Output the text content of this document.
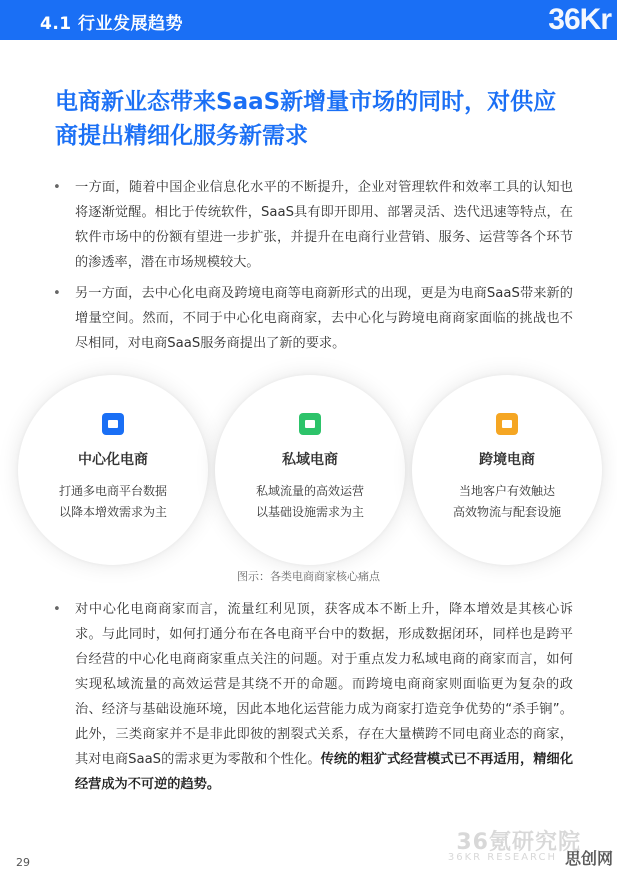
4.1 行业发展趋势	36Kr
电商新业态带来SaaS新增量市场的同时，对供应商提出精细化服务新需求
• 一方面，随着中国企业信息化水平的不断提升，企业对管理软件和效率工具的认知也将逐渐觉醒。相比于传统软件，SaaS具有即开即用、部署灵活、迭代迅速等特点，在软件市场中的份额有望进一步扩张，并提升在电商行业营销、服务、运营等各个环节的渗透率，潜在市场规模较大。
• 另一方面，去中心化电商及跨境电商等电商新形式的出现，更是为电商SaaS带来新的增量空间。然而，不同于中心化电商商家，去中心化与跨境电商商家面临的挑战也不尽相同，对电商SaaS服务商提出了新的要求。
中心化电商
打通多电商平台数据
以降本增效需求为主
私域电商
私域流量的高效运营
以基础设施需求为主
跨境电商
当地客户有效触达
高效物流与配套设施
图示：各类电商商家核心痛点
• 对中心化电商商家而言，流量红利见顶，获客成本不断上升，降本增效是其核心诉求。与此同时，如何打通分布在各电商平台中的数据，形成数据闭环，同样也是跨平台经营的中心化电商商家重点关注的问题。对于重点发力私域电商的商家而言，如何实现私域流量的高效运营是其绕不开的命题。而跨境电商商家则面临更为复杂的政治、经济与基础设施环境，因此本地化运营能力成为商家打造竞争优势的“杀手锏”。此外，三类商家并不是非此即彼的割裂式关系，存在大量横跨不同电商业态的商家，其对电商SaaS的需求更为零散和个性化。传统的粗犷式经营模式已不再适用，精细化经营成为不可逆的趋势。
29
36氪研究院
36KR RESEARCH 思创网
